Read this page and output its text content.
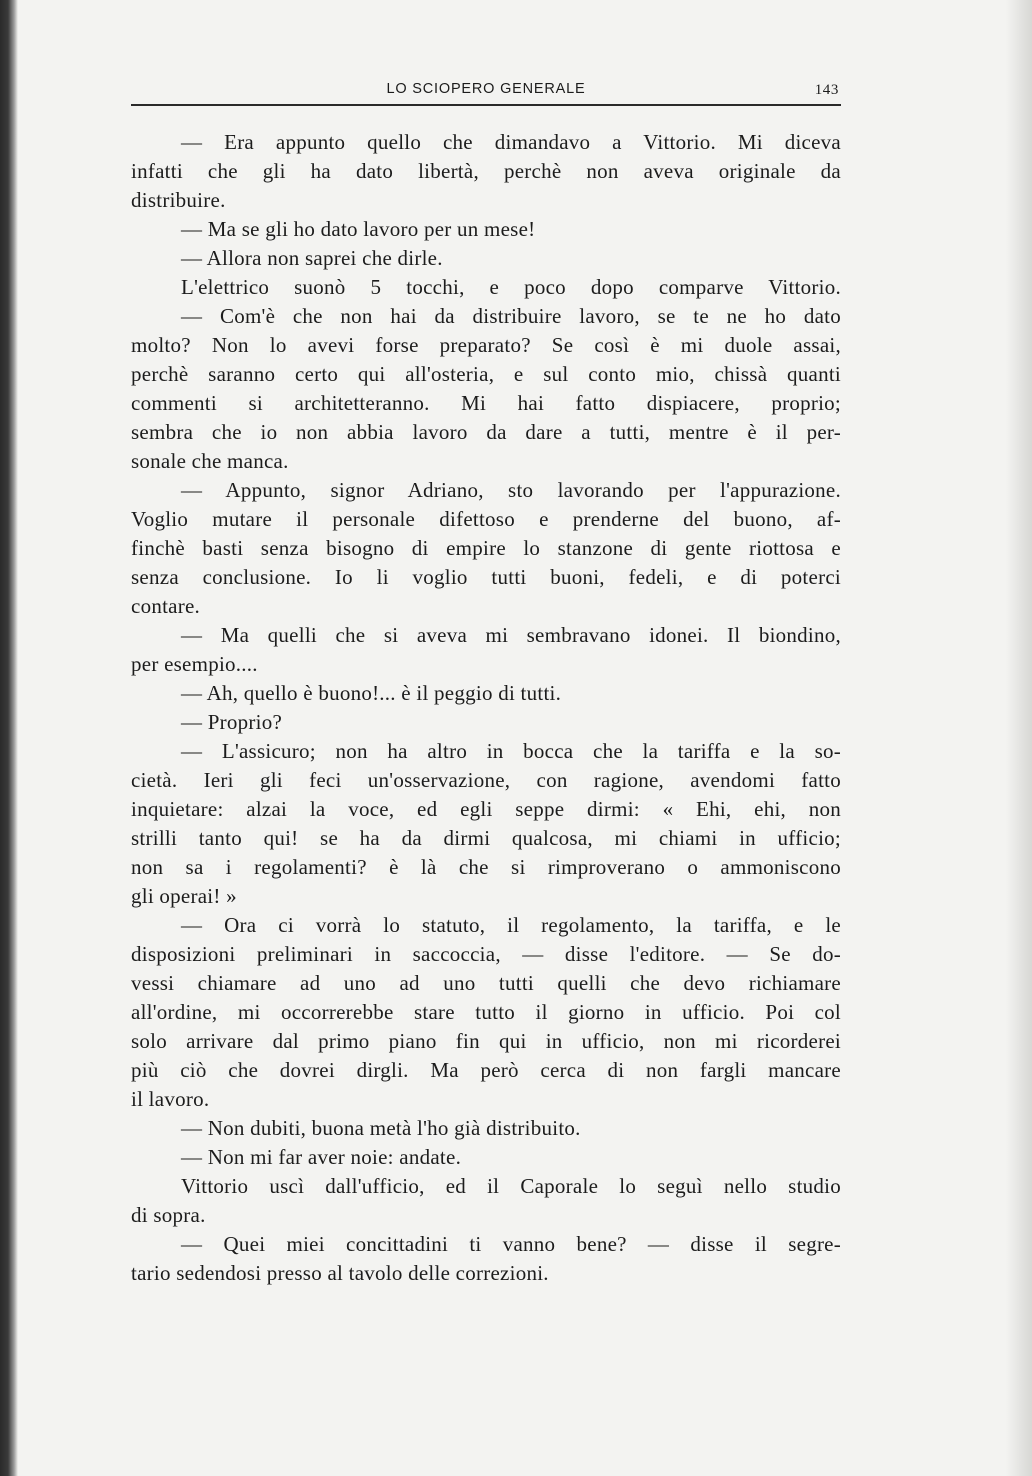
LO SCIOPERO GENERALE	143
— Era appunto quello che dimandavo a Vittorio. Mi diceva
infatti che gli ha dato libertà, perchè non aveva originale da
distribuire.
— Ma se gli ho dato lavoro per un mese!
— Allora non saprei che dirle.
L'elettrico suonò 5 tocchi, e poco dopo comparve Vittorio.
— Com'è che non hai da distribuire lavoro, se te ne ho dato
molto? Non lo avevi forse preparato? Se così è mi duole assai,
perchè saranno certo qui all'osteria, e sul conto mio, chissà quanti
commenti si architetteranno. Mi hai fatto dispiacere, proprio;
sembra che io non abbia lavoro da dare a tutti, mentre è il per-
sonale che manca.
— Appunto, signor Adriano, sto lavorando per l'appurazione.
Voglio mutare il personale difettoso e prenderne del buono, af-
finchè basti senza bisogno di empire lo stanzone di gente riottosa e
senza conclusione. Io li voglio tutti buoni, fedeli, e di poterci
contare.
— Ma quelli che si aveva mi sembravano idonei. Il biondino,
per esempio....
— Ah, quello è buono!... è il peggio di tutti.
— Proprio?
— L'assicuro; non ha altro in bocca che la tariffa e la so-
cietà. Ieri gli feci un'osservazione, con ragione, avendomi fatto
inquietare: alzai la voce, ed egli seppe dirmi: « Ehi, ehi, non
strilli tanto qui! se ha da dirmi qualcosa, mi chiami in ufficio;
non sa i regolamenti? è là che si rimproverano o ammoniscono
gli operai! »
— Ora ci vorrà lo statuto, il regolamento, la tariffa, e le
disposizioni preliminari in saccoccia, — disse l'editore. — Se do-
vessi chiamare ad uno ad uno tutti quelli che devo richiamare
all'ordine, mi occorrerebbe stare tutto il giorno in ufficio. Poi col
solo arrivare dal primo piano fin qui in ufficio, non mi ricorderei
più ciò che dovrei dirgli. Ma però cerca di non fargli mancare
il lavoro.
— Non dubiti, buona metà l'ho già distribuito.
— Non mi far aver noie: andate.
Vittorio uscì dall'ufficio, ed il Caporale lo seguì nello studio
di sopra.
— Quei miei concittadini ti vanno bene? — disse il segre-
tario sedendosi presso al tavolo delle correzioni.
